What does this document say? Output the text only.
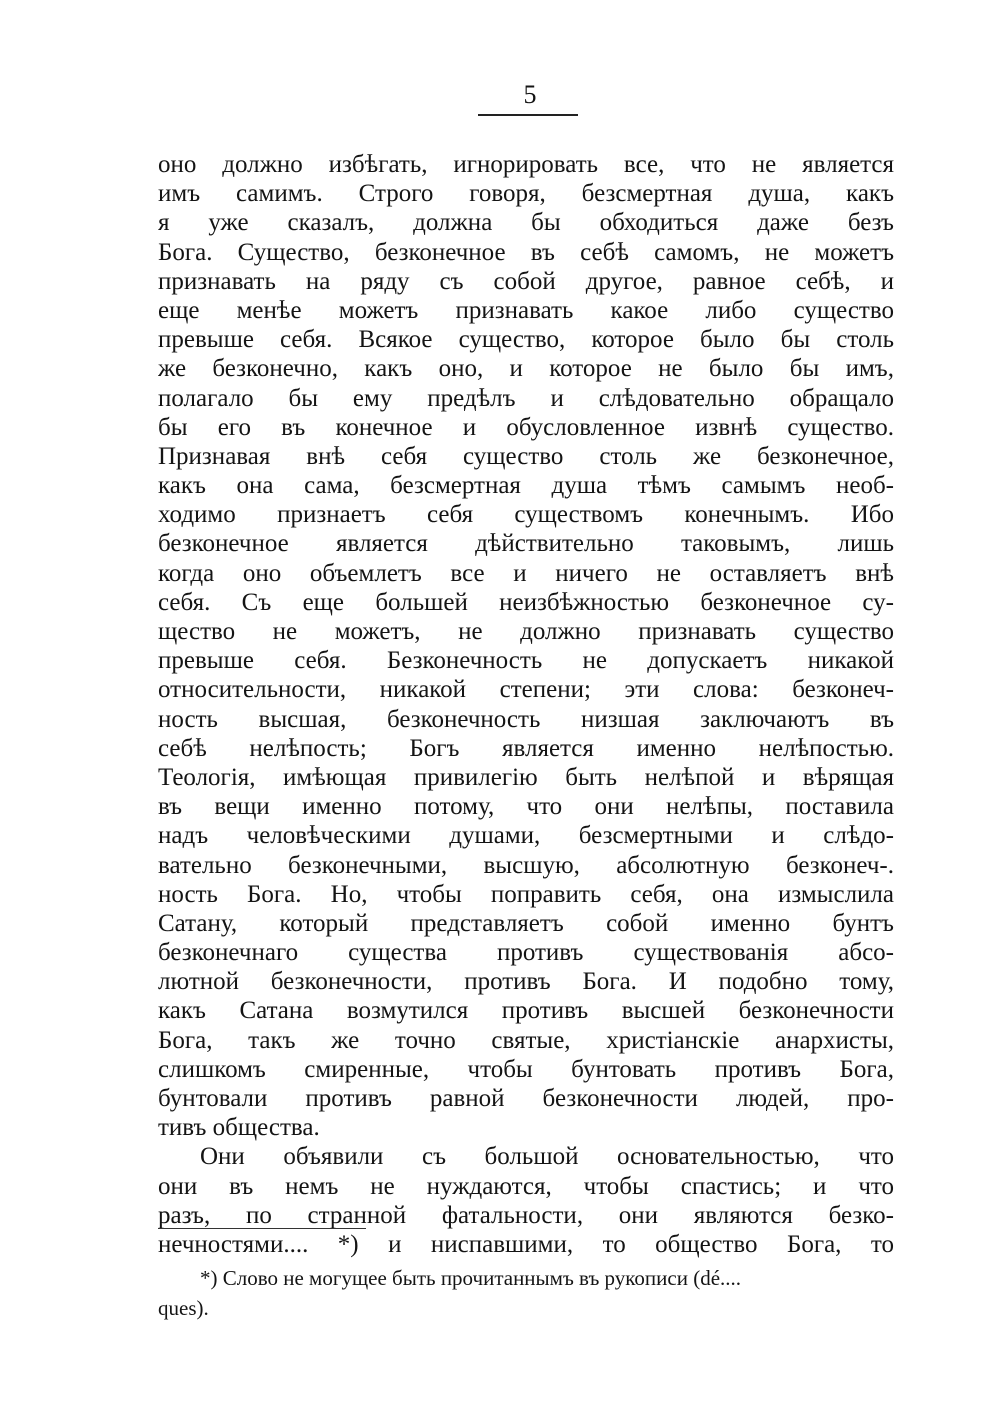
5
оно должно избѣгать, игнорировать все, что не является
имъ самимъ. Строго говоря, безсмертная душа, какъ
я уже сказалъ, должна бы обходиться даже безъ
Бога. Существо, безконечное въ себѣ самомъ, не можетъ
признавать на ряду съ собой другое, равное себѣ, и
еще менѣе можетъ признавать какое либо существо
превыше себя. Всякое существо, которое было бы столь
же безконечно, какъ оно, и которое не было бы имъ,
полагало бы ему предѣлъ и слѣдовательно обращало
бы его въ конечное и обусловленное извнѣ существо.
Признавая внѣ себя существо столь же безконечное,
какъ она сама, безсмертная душа тѣмъ самымъ необ-
ходимо признаетъ себя существомъ конечнымъ. Ибо
безконечное является дѣйствительно таковымъ, лишь
когда оно объемлетъ все и ничего не оставляетъ внѣ
себя. Съ еще большей неизбѣжностью безконечное су-
щество не можетъ, не должно признавать существо
превыше себя. Безконечность не допускаетъ никакой
относительности, никакой степени; эти слова: безконеч-
ность высшая, безконечность низшая заключаютъ въ
себѣ нелѣпость; Богъ является именно нелѣпостью.
Теологія, имѣющая привилегію быть нелѣпой и вѣрящая
въ вещи именно потому, что они нелѣпы, поставила
надъ человѣческими душами, безсмертными и слѣдо-
вательно безконечными, высшую, абсолютную безконеч-.
ность Бога. Но, чтобы поправить себя, она измыслила
Сатану, который представляетъ собой именно бунтъ
безконечнаго существа противъ существованія абсо-
лютной безконечности, противъ Бога. И подобно тому,
какъ Сатана возмутился противъ высшей безконечности
Бога, такъ же точно святые, христіанскіе анархисты,
слишкомъ смиренные, чтобы бунтовать противъ Бога,
бунтовали противъ равной безконечности людей, про-
тивъ общества.
Они объявили съ большой основательностью, что
они въ немъ не нуждаются, чтобы спастись; и что
разъ, по странной фатальности, они являются безко-
нечностями.... *) и ниспавшими, то общество Бога, то
*) Слово не могущее быть прочитаннымъ въ рукописи (dé....
ques).
